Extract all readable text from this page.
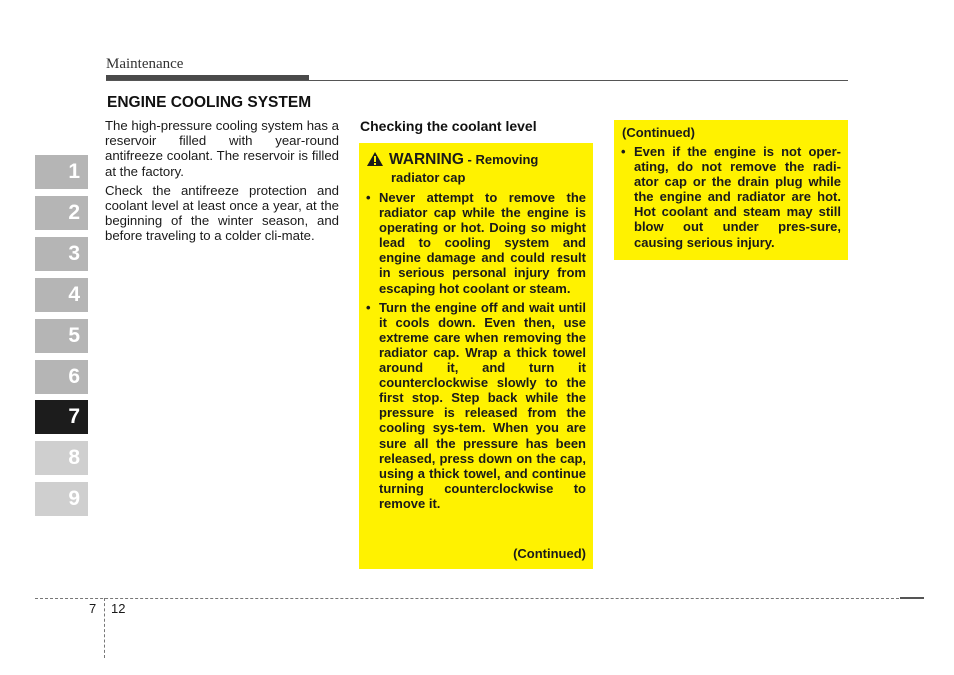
Maintenance
1
2
3
4
5
6
7
8
9
ENGINE COOLING SYSTEM

The high-pressure cooling system has a reservoir filled with year-round antifreeze coolant. The reservoir is filled at the factory.

Check the antifreeze protection and coolant level at least once a year, at the beginning of the winter season, and before traveling to a colder cli-mate.

Checking the coolant level
WARNING - Removing
radiator cap
• Never attempt to remove the radiator cap while the engine is operating or hot. Doing so might lead to cooling system and engine damage and could result in serious personal injury from escaping hot coolant or steam.
• Turn the engine off and wait until it cools down. Even then, use extreme care when removing the radiator cap. Wrap a thick towel around it, and turn it counterclockwise slowly to the first stop. Step back while the pressure is released from the cooling sys-tem. When you are sure all the pressure has been released, press down on the cap, using a thick towel, and continue turning counterclockwise to remove it.
(Continued)
(Continued)
• Even if the engine is not oper-ating, do not remove the radi-ator cap or the drain plug while the engine and radiator are hot. Hot coolant and steam may still blow out under pres-sure, causing serious injury.
7 12
